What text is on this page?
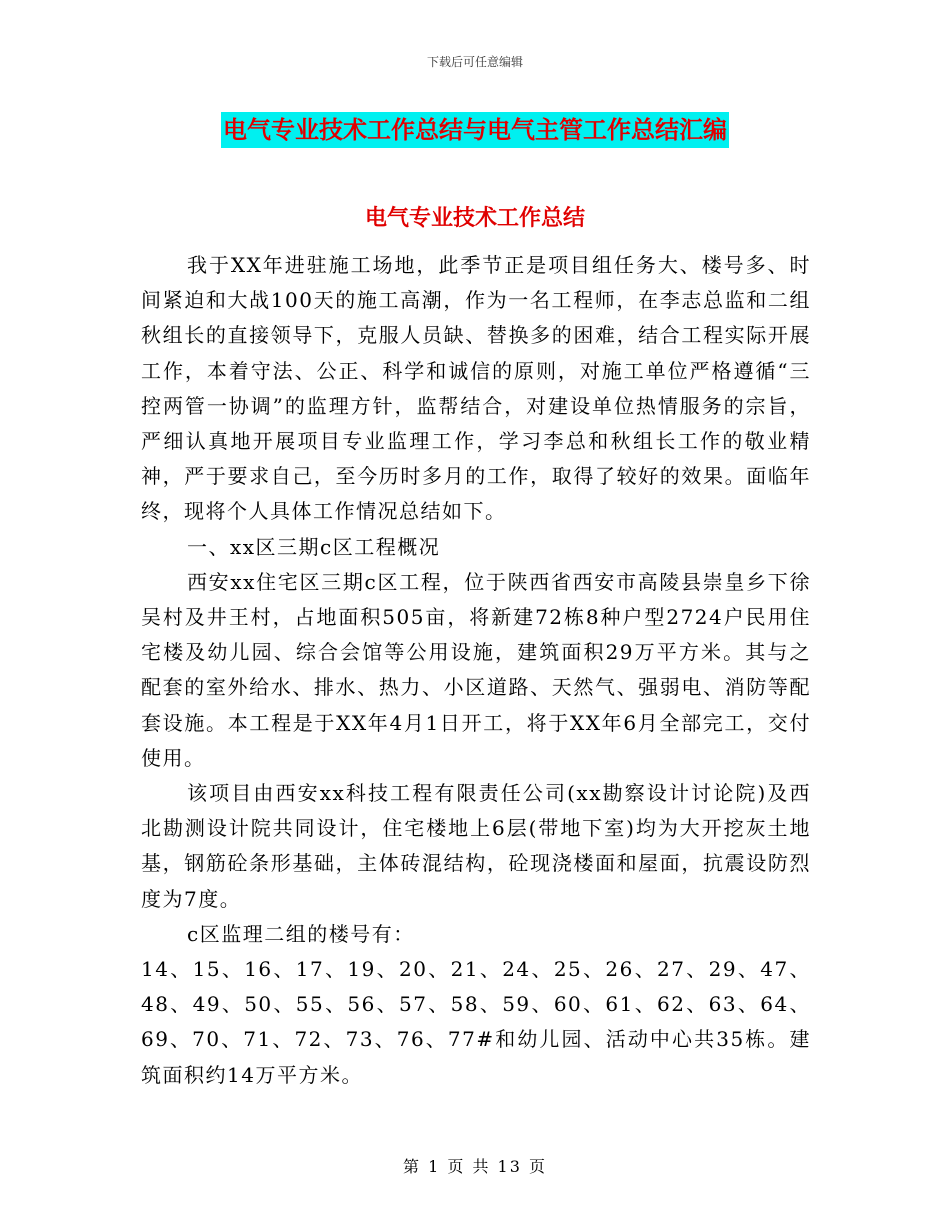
下载后可任意编辑
电气专业技术工作总结与电气主管工作总结汇编
电气专业技术工作总结

我于XX年进驻施工场地，此季节正是项目组任务大、楼号多、时间紧迫和大战100天的施工高潮，作为一名工程师，在李志总监和二组秋组长的直接领导下，克服人员缺、替换多的困难，结合工程实际开展工作，本着守法、公正、科学和诚信的原则，对施工单位严格遵循“三控两管一协调”的监理方针，监帮结合，对建设单位热情服务的宗旨，严细认真地开展项目专业监理工作，学习李总和秋组长工作的敬业精神，严于要求自己，至今历时多月的工作，取得了较好的效果。面临年终，现将个人具体工作情况总结如下。

一、xx区三期c区工程概况

西安xx住宅区三期c区工程，位于陕西省西安市高陵县崇皇乡下徐吴村及井王村，占地面积505亩，将新建72栋8种户型2724户民用住宅楼及幼儿园、综合会馆等公用设施，建筑面积29万平方米。其与之配套的室外给水、排水、热力、小区道路、天然气、强弱电、消防等配套设施。本工程是于XX年4月1日开工，将于XX年6月全部完工，交付使用。

该项目由西安xx科技工程有限责任公司(xx勘察设计讨论院)及西北勘测设计院共同设计，住宅楼地上6层(带地下室)均为大开挖灰土地基，钢筋砼条形基础，主体砖混结构，砼现浇楼面和屋面，抗震设防烈度为7度。

c区监理二组的楼号有：

14、15、16、17、19、20、21、24、25、26、27、29、47、48、49、50、55、56、57、58、59、60、61、62、63、64、69、70、71、72、73、76、77#和幼儿园、活动中心共35栋。建筑面积约14万平方米。

第 1 页 共 13 页
